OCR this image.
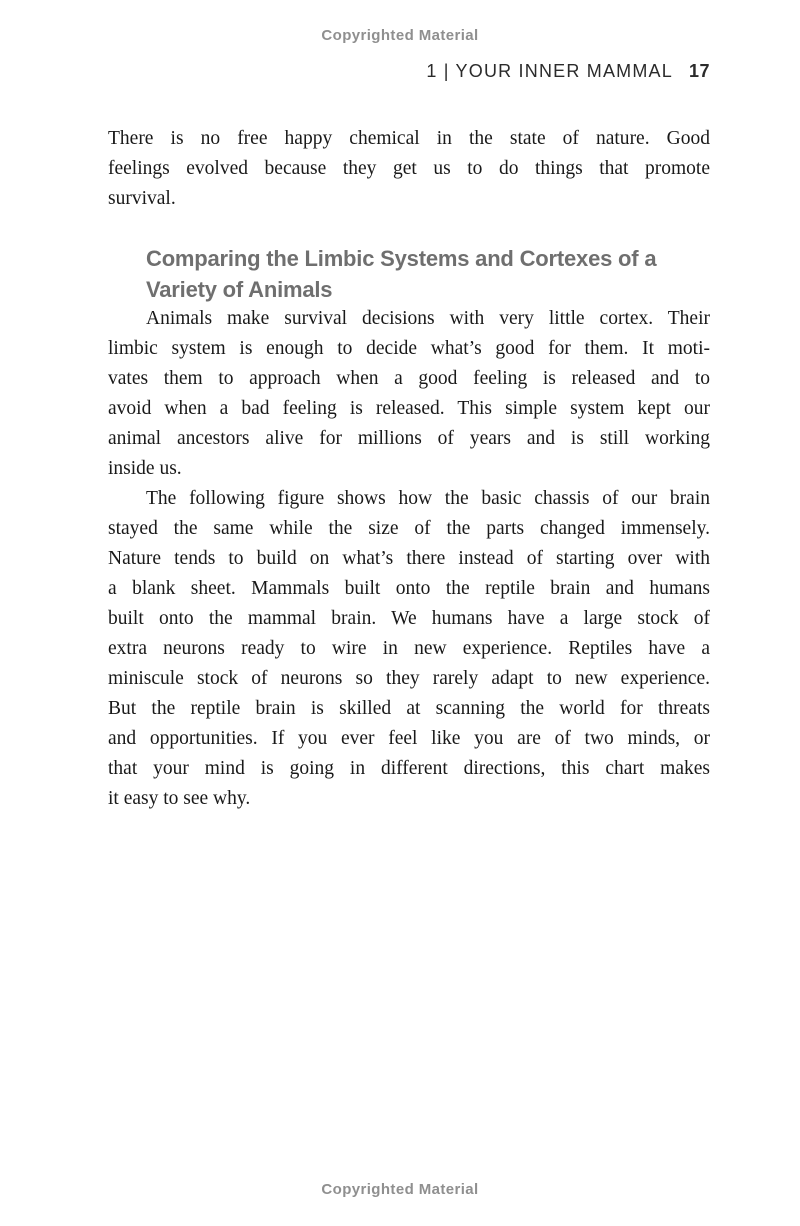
Copyrighted Material
1 | YOUR INNER MAMMAL 17
There is no free happy chemical in the state of nature. Good
feelings evolved because they get us to do things that promote
survival.
Comparing the Limbic Systems and Cortexes of a
Variety of Animals
Animals make survival decisions with very little cortex. Their
limbic system is enough to decide what’s good for them. It moti-
vates them to approach when a good feeling is released and to
avoid when a bad feeling is released. This simple system kept our
animal ancestors alive for millions of years and is still working
inside us.
The following figure shows how the basic chassis of our brain
stayed the same while the size of the parts changed immensely.
Nature tends to build on what’s there instead of starting over with
a blank sheet. Mammals built onto the reptile brain and humans
built onto the mammal brain. We humans have a large stock of
extra neurons ready to wire in new experience. Reptiles have a
miniscule stock of neurons so they rarely adapt to new experience.
But the reptile brain is skilled at scanning the world for threats
and opportunities. If you ever feel like you are of two minds, or
that your mind is going in different directions, this chart makes
it easy to see why.
Copyrighted Material
